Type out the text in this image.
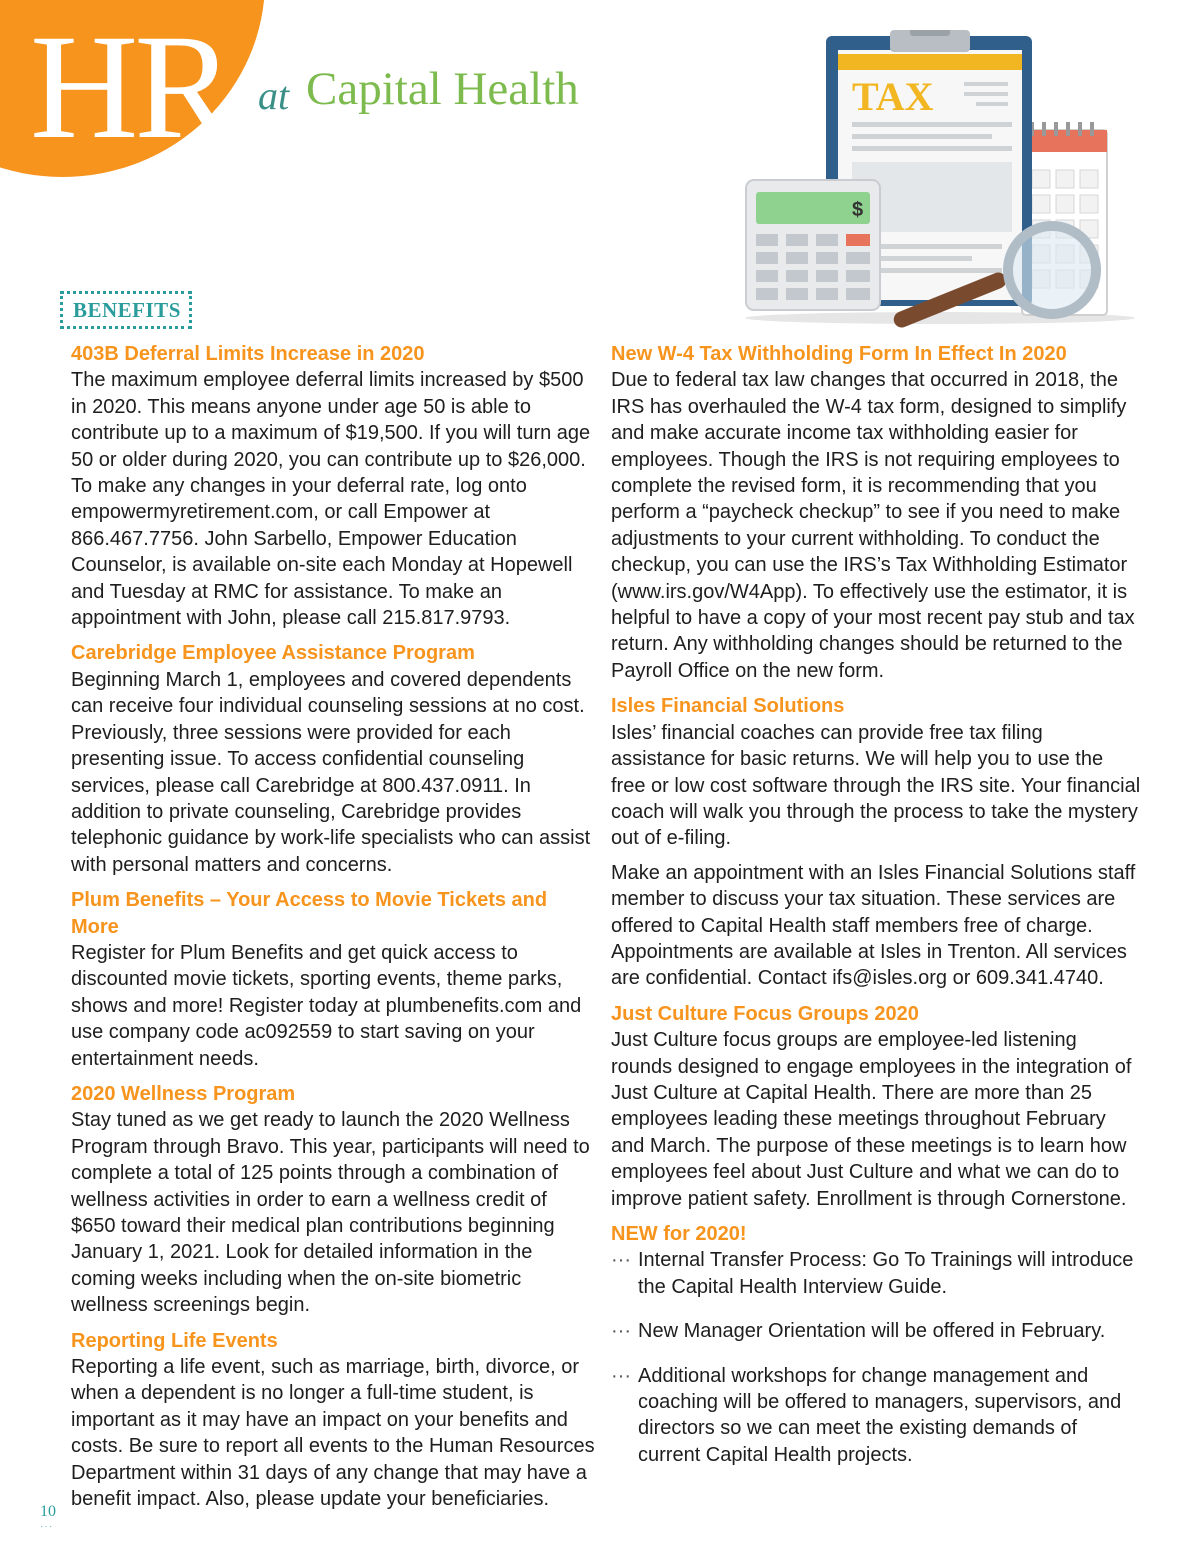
HR at Capital Health	TAX
$
BENEFITS
403B Deferral Limits Increase in 2020

The maximum employee deferral limits increased by $500 in 2020. This means anyone under age 50 is able to contribute up to a maximum of $19,500. If you will turn age 50 or older during 2020, you can contribute up to $26,000. To make any changes in your deferral rate, log onto empowermyretirement.com, or call Empower at 866.467.7756. John Sarbello, Empower Education Counselor, is available on-site each Monday at Hopewell and Tuesday at RMC for assistance. To make an appointment with John, please call 215.817.9793.

Carebridge Employee Assistance Program

Beginning March 1, employees and covered dependents can receive four individual counseling sessions at no cost. Previously, three sessions were provided for each presenting issue. To access confidential counseling services, please call Carebridge at 800.437.0911. In addition to private counseling, Carebridge provides telephonic guidance by work-life specialists who can assist with personal matters and concerns.

Plum Benefits – Your Access to Movie Tickets and More

Register for Plum Benefits and get quick access to discounted movie tickets, sporting events, theme parks, shows and more! Register today at plumbenefits.com and use company code ac092559 to start saving on your entertainment needs.

2020 Wellness Program

Stay tuned as we get ready to launch the 2020 Wellness Program through Bravo. This year, participants will need to complete a total of 125 points through a combination of wellness activities in order to earn a wellness credit of $650 toward their medical plan contributions beginning January 1, 2021. Look for detailed information in the coming weeks including when the on-site biometric wellness screenings begin.

Reporting Life Events

Reporting a life event, such as marriage, birth, divorce, or when a dependent is no longer a full-time student, is important as it may have an impact on your benefits and costs. Be sure to report all events to the Human Resources Department within 31 days of any change that may have a benefit impact. Also, please update your beneficiaries.

New W-4 Tax Withholding Form In Effect In 2020

Due to federal tax law changes that occurred in 2018, the IRS has overhauled the W-4 tax form, designed to simplify and make accurate income tax withholding easier for employees. Though the IRS is not requiring employees to complete the revised form, it is recommending that you perform a “paycheck checkup” to see if you need to make adjustments to your current withholding. To conduct the checkup, you can use the IRS’s Tax Withholding Estimator (www.irs.gov/W4App). To effectively use the estimator, it is helpful to have a copy of your most recent pay stub and tax return. Any withholding changes should be returned to the Payroll Office on the new form.

Isles Financial Solutions

Isles’ financial coaches can provide free tax filing assistance for basic returns. We will help you to use the free or low cost software through the IRS site. Your financial coach will walk you through the process to take the mystery out of e-filing.

Make an appointment with an Isles Financial Solutions staff member to discuss your tax situation. These services are offered to Capital Health staff members free of charge. Appointments are available at Isles in Trenton. All services are confidential. Contact ifs@isles.org or 609.341.4740.

Just Culture Focus Groups 2020

Just Culture focus groups are employee-led listening rounds designed to engage employees in the integration of Just Culture at Capital Health. There are more than 25 employees leading these meetings throughout February and March. The purpose of these meetings is to learn how employees feel about Just Culture and what we can do to improve patient safety. Enrollment is through Cornerstone.

NEW for 2020!
··· Internal Transfer Process: Go To Trainings will introduce the Capital Health Interview Guide.
··· New Manager Orientation will be offered in February.
··· Additional workshops for change management and coaching will be offered to managers, supervisors, and directors so we can meet the existing demands of current Capital Health projects.
10
···
